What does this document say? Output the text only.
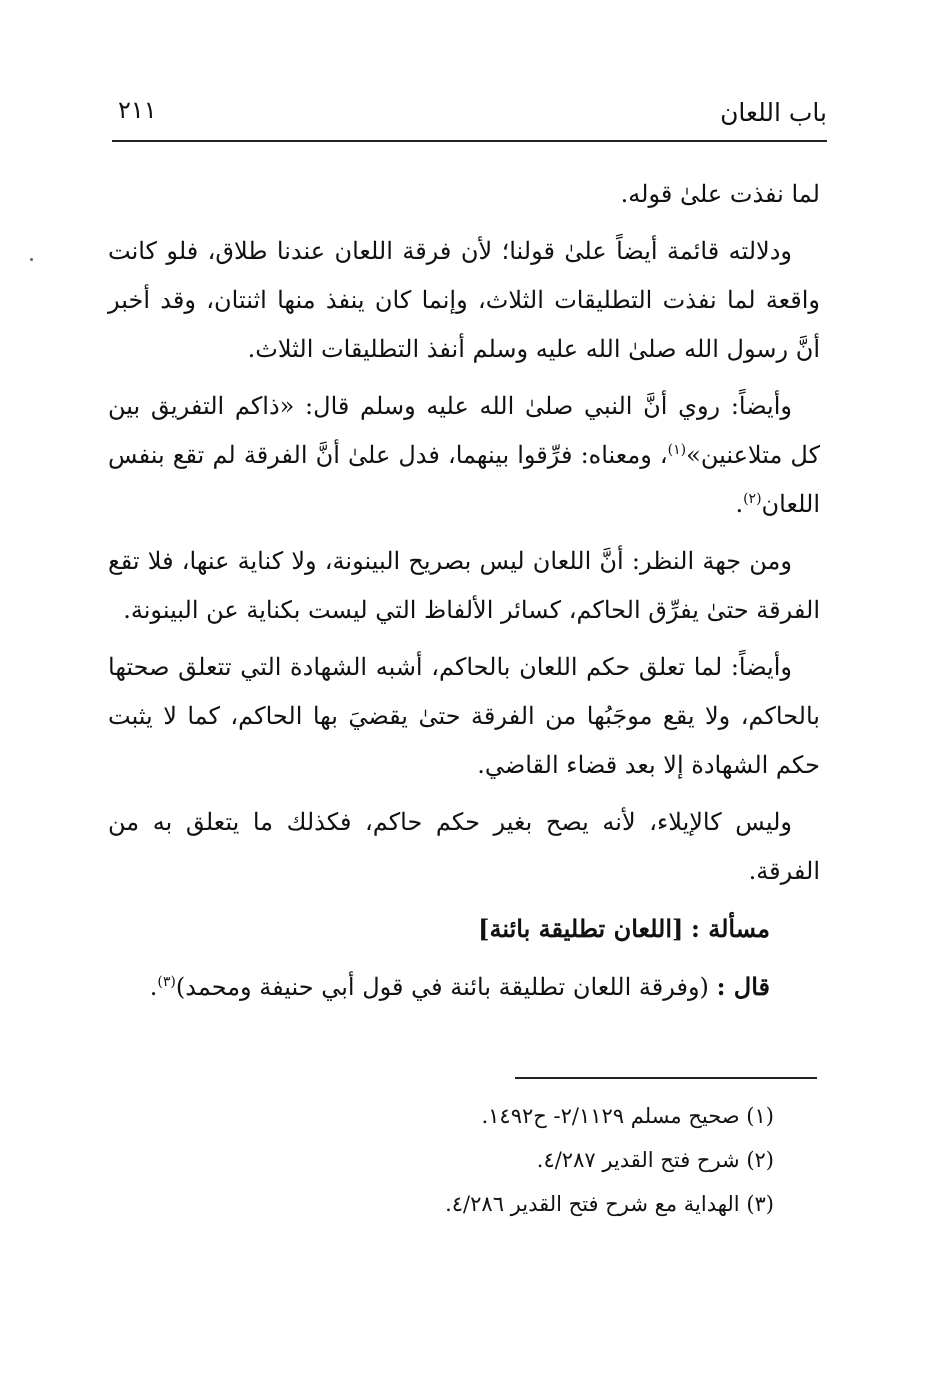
باب اللعان
٢١١

لما نفذت علىٰ قوله.

ودلالته قائمة أيضاً علىٰ قولنا؛ لأن فرقة اللعان عندنا طلاق، فلو كانت واقعة لما نفذت التطليقات الثلاث، وإنما كان ينفذ منها اثنتان، وقد أخبر أنَّ رسول الله صلىٰ الله عليه وسلم أنفذ التطليقات الثلاث.

وأيضاً: روي أنَّ النبي صلىٰ الله عليه وسلم قال: «ذاكم التفريق بين كل متلاعنين»$^{(١)}$، ومعناه: فرِّقوا بينهما، فدل علىٰ أنَّ الفرقة لم تقع بنفس اللعان$^{(٢)}$.

ومن جهة النظر: أنَّ اللعان ليس بصريح البينونة، ولا كناية عنها، فلا تقع الفرقة حتىٰ يفرِّق الحاكم، كسائر الألفاظ التي ليست بكناية عن البينونة.

وأيضاً: لما تعلق حكم اللعان بالحاكم، أشبه الشهادة التي تتعلق صحتها بالحاكم، ولا يقع موجَبُها من الفرقة حتىٰ يقضيَ بها الحاكم، كما لا يثبت حكم الشهادة إلا بعد قضاء القاضي.

وليس كالإيلاء، لأنه يصح بغير حكم حاكم، فكذلك ما يتعلق به من الفرقة.

مسألة : [اللعان تطليقة بائنة]

قال : (وفرقة اللعان تطليقة بائنة في قول أبي حنيفة ومحمد)$^{(٣)}$.

(١) صحيح مسلم ٢/١١٢٩- ح١٤٩٢.
(٢) شرح فتح القدير ٤/٢٨٧.
(٣) الهداية مع شرح فتح القدير ٤/٢٨٦.
